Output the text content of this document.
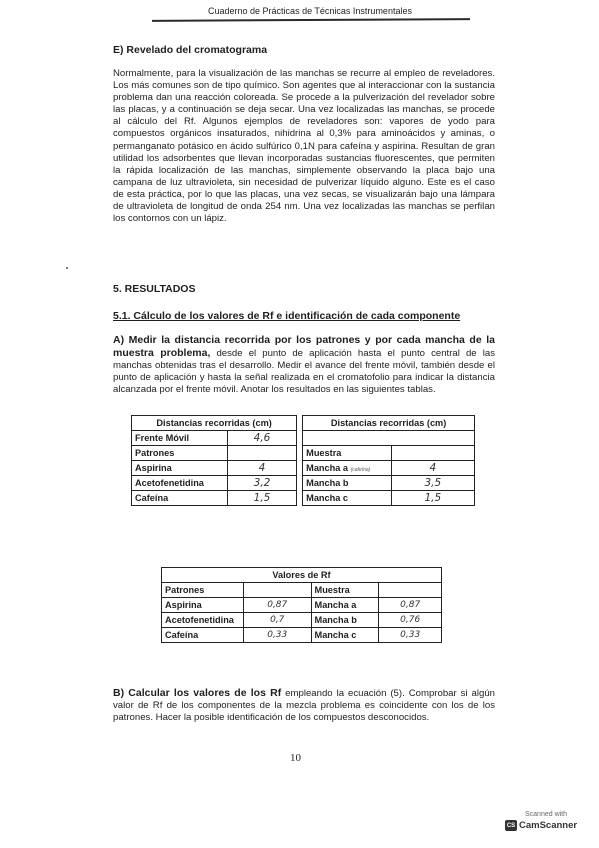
Cuaderno de Prácticas de Técnicas Instrumentales
E) Revelado del cromatograma
Normalmente, para la visualización de las manchas se recurre al empleo de reveladores. Los más comunes son de tipo químico. Son agentes que al interaccionar con la sustancia problema dan una reacción coloreada. Se procede a la pulverización del revelador sobre las placas, y a continuación se deja secar. Una vez localizadas las manchas, se procede al cálculo del Rf. Algunos ejemplos de reveladores son: vapores de yodo para compuestos orgánicos insaturados, nihidrina al 0,3% para aminoácidos y aminas, o permanganato potásico en ácido sulfúrico 0,1N para cafeína y aspirina. Resultan de gran utilidad los adsorbentes que llevan incorporadas sustancias fluorescentes, que permiten la rápida localización de las manchas, simplemente observando la placa bajo una campana de luz ultravioleta, sin necesidad de pulverizar líquido alguno. Este es el caso de esta práctica, por lo que las placas, una vez secas, se visualizarán bajo una lámpara de ultravioleta de longitud de onda 254 nm. Una vez localizadas las manchas se perfilan los contornos con un lápiz.
5. RESULTADOS
5.1. Cálculo de los valores de Rf e identificación de cada componente
A) Medir la distancia recorrida por los patrones y por cada mancha de la muestra problema, desde el punto de aplicación hasta el punto central de las manchas obtenidas tras el desarrollo. Medir el avance del frente móvil, también desde el punto de aplicación y hasta la señal realizada en el cromatofolio para indicar la distancia alcanzada por el frente móvil. Anotar los resultados en las siguientes tablas.
Distancias recorridas (cm)			Distancias recorridas (cm)	
Frente Móvil	4,6			
Patrones			Muestra	
Aspirina	4		Mancha a (cafeína)	4
Acetofenetidina	3,2		Mancha b	3,5
Cafeína	1,5		Mancha c	1,5
Valores de Rf			
Patrones		Muestra	
Aspirina	0,87	Mancha a	0,87
Acetofenetidina	0,7	Mancha b	0,76
Cafeína	0,33	Mancha c	0,33
B) Calcular los valores de los Rf empleando la ecuación (5). Comprobar si algún valor de Rf de los componentes de la mezcla problema es coincidente con los de los patrones. Hacer la posible identificación de los compuestos desconocidos.
10
Scanned with
CS CamScanner
